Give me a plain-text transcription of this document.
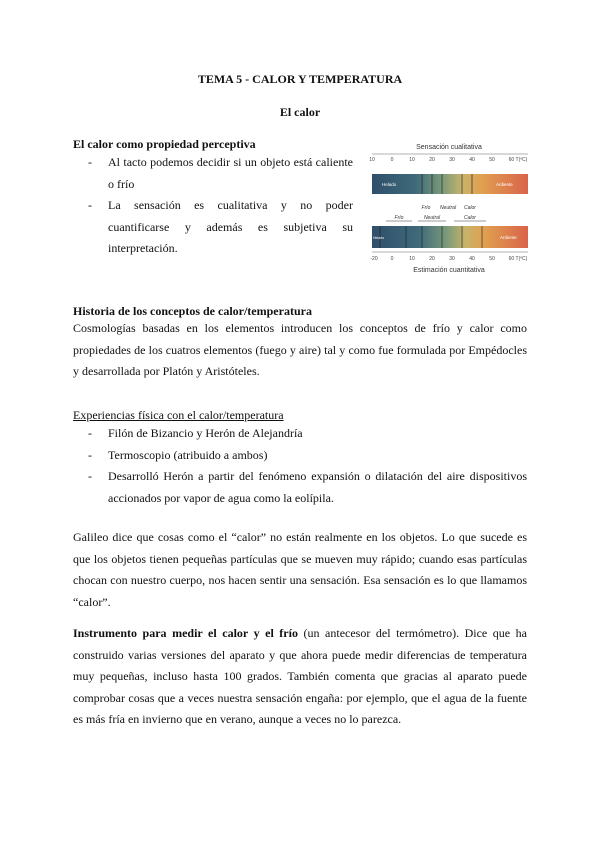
TEMA 5 - CALOR Y TEMPERATURA
El calor
El calor como propiedad perceptiva
- Al tacto podemos decidir si un objeto está caliente o frío
- La sensación es cualitativa y no poder cuantificarse y además es subjetiva su interpretación.
Sensación cualitativa
10	0	10	20	30	40	50	60 T(ºC)
Helado	Ardiente
Frío Neutral Calor
Frío	Neutral	Calor
Helado	Ardiente
-20	0	10	20	30	40	50	60 T(ºC)
Estimación cuantitativa
Historia de los conceptos de calor/temperatura
Cosmologías basadas en los elementos introducen los conceptos de frío y calor como propiedades de los cuatros elementos (fuego y aire) tal y como fue formulada por Empédocles y desarrollada por Platón y Aristóteles.
Experiencias física con el calor/temperatura
- Filón de Bizancio y Herón de Alejandría
- Termoscopio (atribuido a ambos)
- Desarrolló Herón a partir del fenómeno expansión o dilatación del aire dispositivos accionados por vapor de agua como la eolípila.
Galileo dice que cosas como el “calor” no están realmente en los objetos. Lo que sucede es que los objetos tienen pequeñas partículas que se mueven muy rápido; cuando esas partículas chocan con nuestro cuerpo, nos hacen sentir una sensación. Esa sensación es lo que llamamos “calor”.
Instrumento para medir el calor y el frío (un antecesor del termómetro). Dice que ha construido varias versiones del aparato y que ahora puede medir diferencias de temperatura muy pequeñas, incluso hasta 100 grados. También comenta que gracias al aparato puede comprobar cosas que a veces nuestra sensación engaña: por ejemplo, que el agua de la fuente es más fría en invierno que en verano, aunque a veces no lo parezca.
